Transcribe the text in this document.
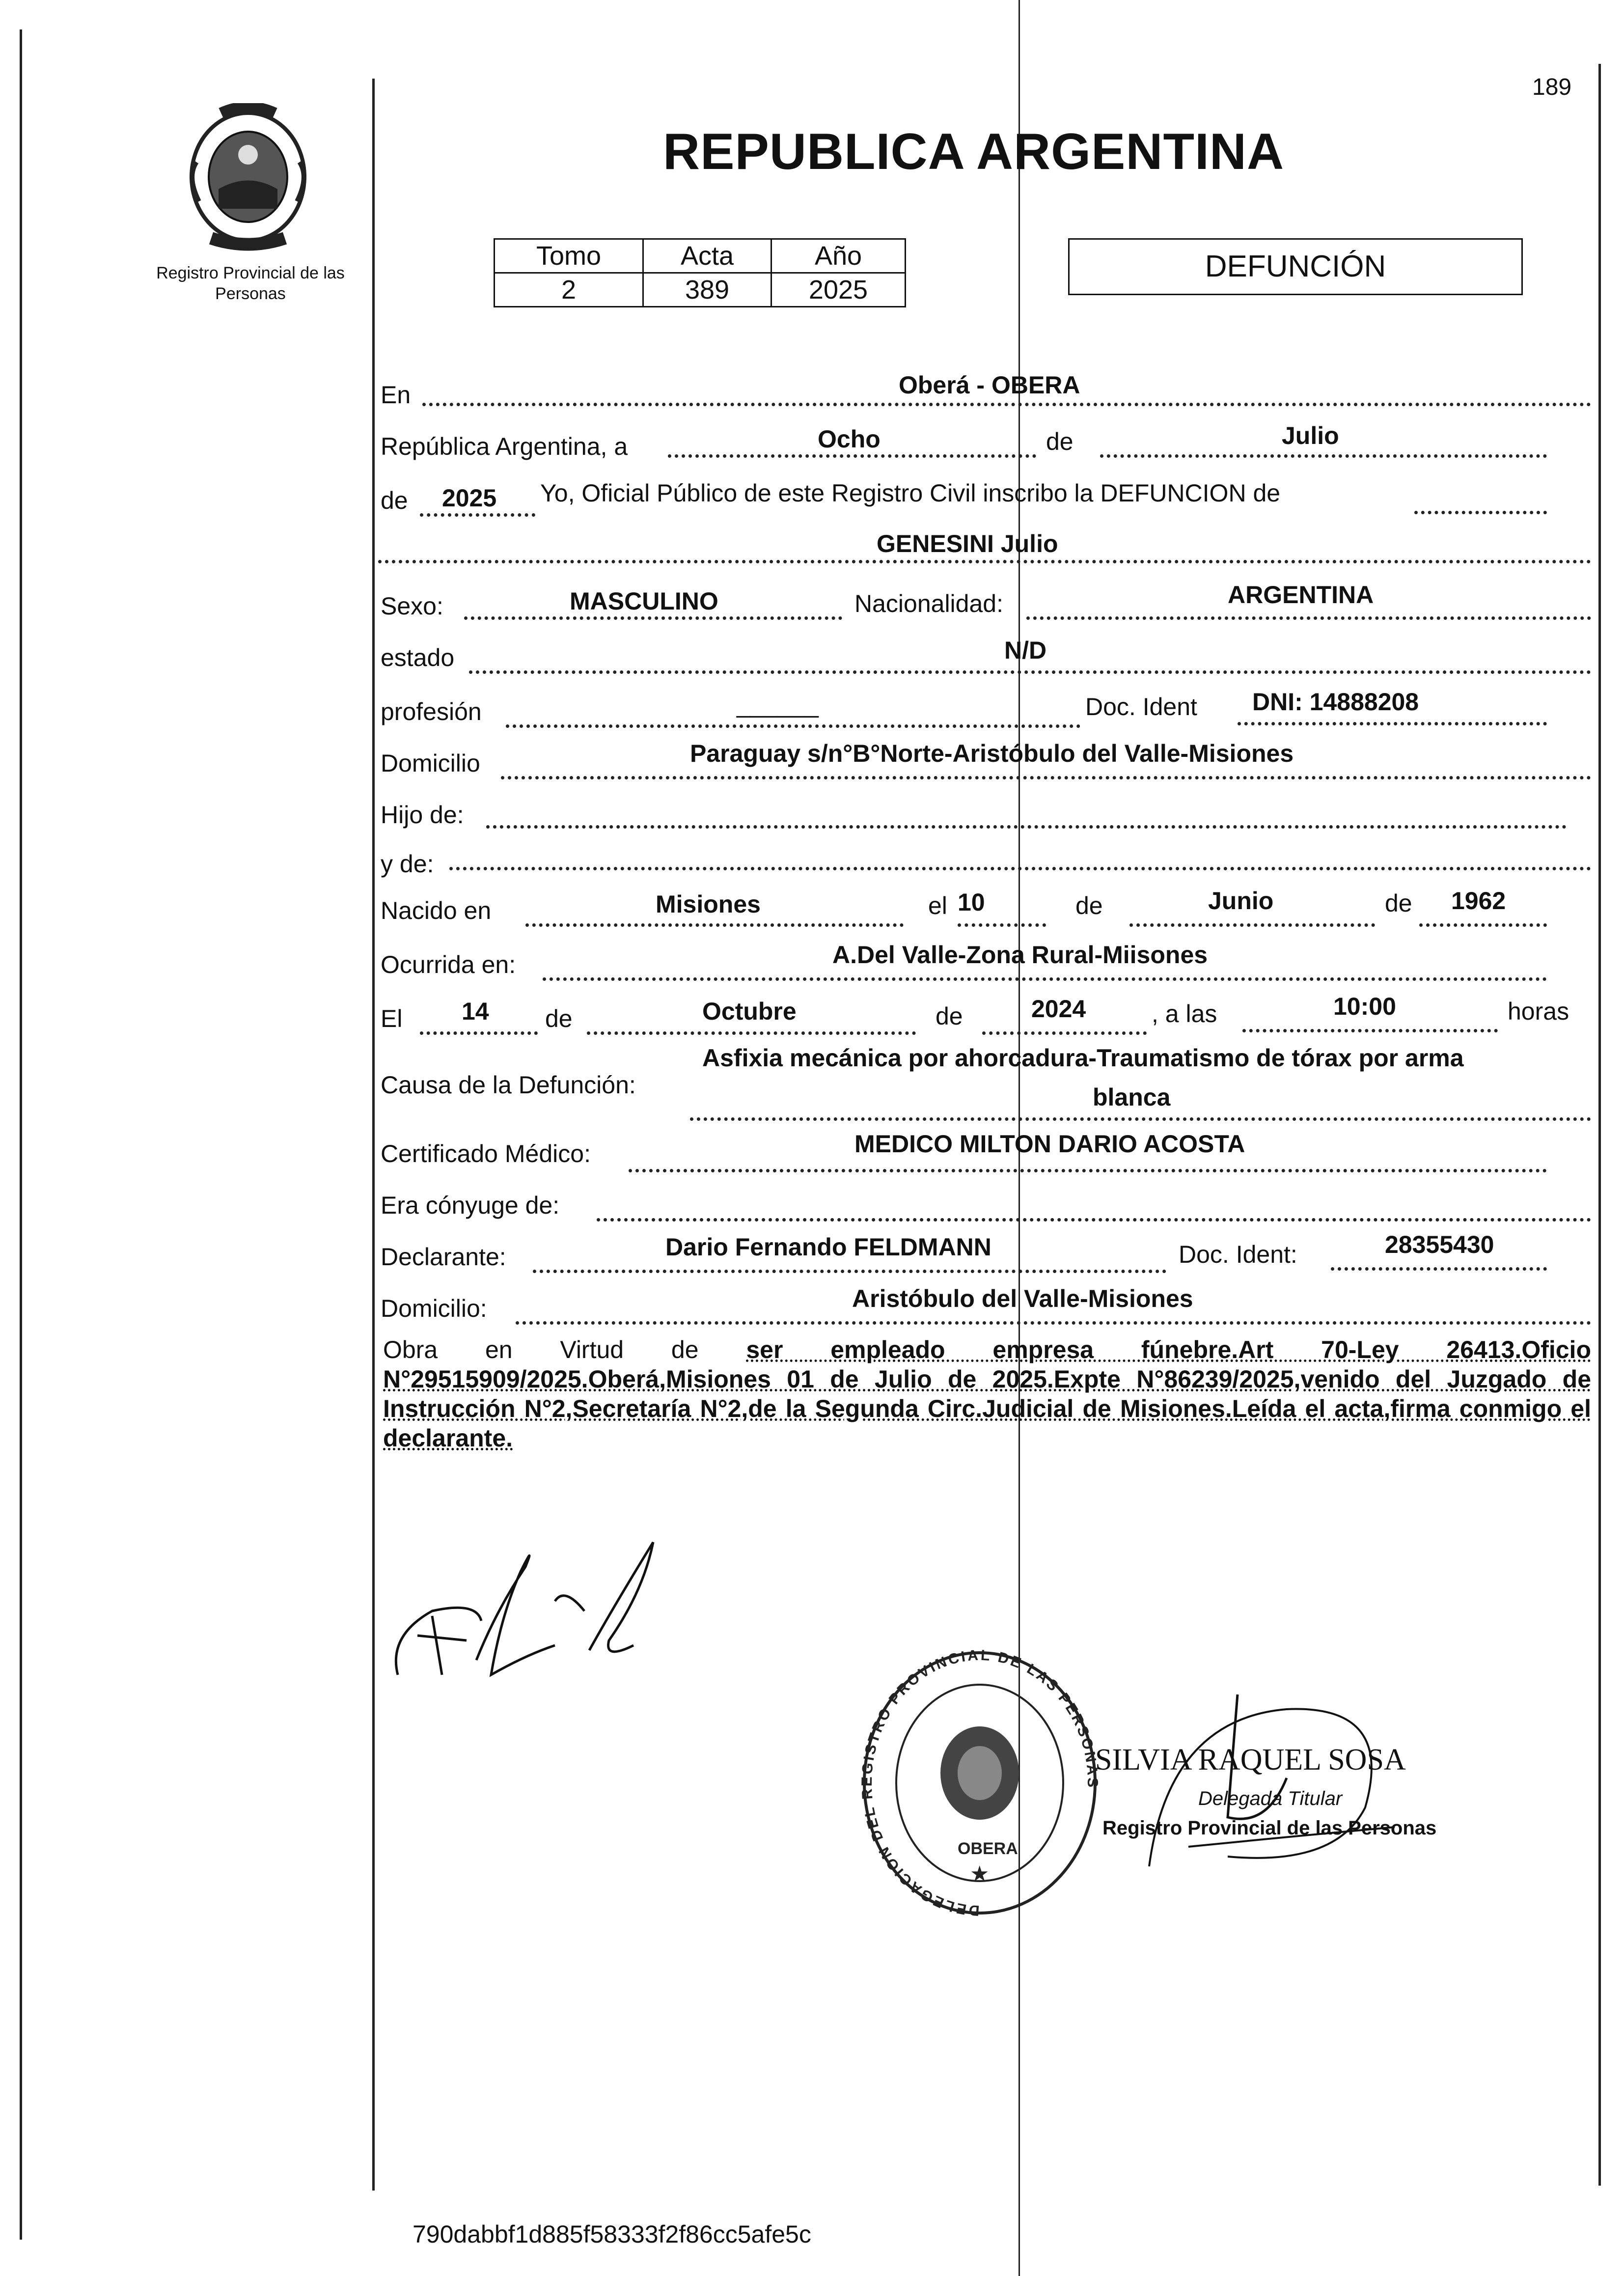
Registro Provincial de las Personas
189
REPUBLICA ARGENTINA
Tomo	Acta	Año
2	389	2025
DEFUNCIÓN
En	Oberá - OBERA
República Argentina, a	Ocho	de	Julio
de 2025 Yo, Oficial Público de este Registro Civil inscribo la DEFUNCION de
GENESINI Julio
Sexo:	MASCULINO	Nacionalidad:	ARGENTINA
estado	N/D
profesión	______	Doc. Ident DNI: 14888208
Domicilio	Paraguay s/n°B°Norte-Aristóbulo del Valle-Misiones
Hijo de:
y de:
Nacido en	Misiones	el 10	de	Junio	de 1962
Ocurrida en:	A.Del Valle-Zona Rural-Miisones
El 14 de	Octubre	de	2024	, a las	10:00	horas
Causa de la Defunción:
Asfixia mecánica por ahorcadura-Traumatismo de tórax por arma
blanca
Certificado Médico:	MEDICO MILTON DARIO ACOSTA
Era cónyuge de:
Declarante:	Dario Fernando FELDMANN	Doc. Ident:	28355430
Domicilio:	Aristóbulo del Valle-Misiones
Obra en Virtud de ser empleado empresa fúnebre.Art 70-Ley 26413.Oficio N°29515909/2025.Oberá,Misiones 01 de Julio de 2025.Expte N°86239/2025,venido del Juzgado de Instrucción N°2,Secretaría N°2,de la Segunda Circ.Judicial de Misiones.Leída el acta,firma conmigo el declarante.
DELEGACION DEL REGISTRO PROVINCIAL DE LAS PERSONAS
OBERA
★
SILVIA RAQUEL SOSA
Delegada Titular
Registro Provincial de las Personas
790dabbf1d885f58333f2f86cc5afe5c
